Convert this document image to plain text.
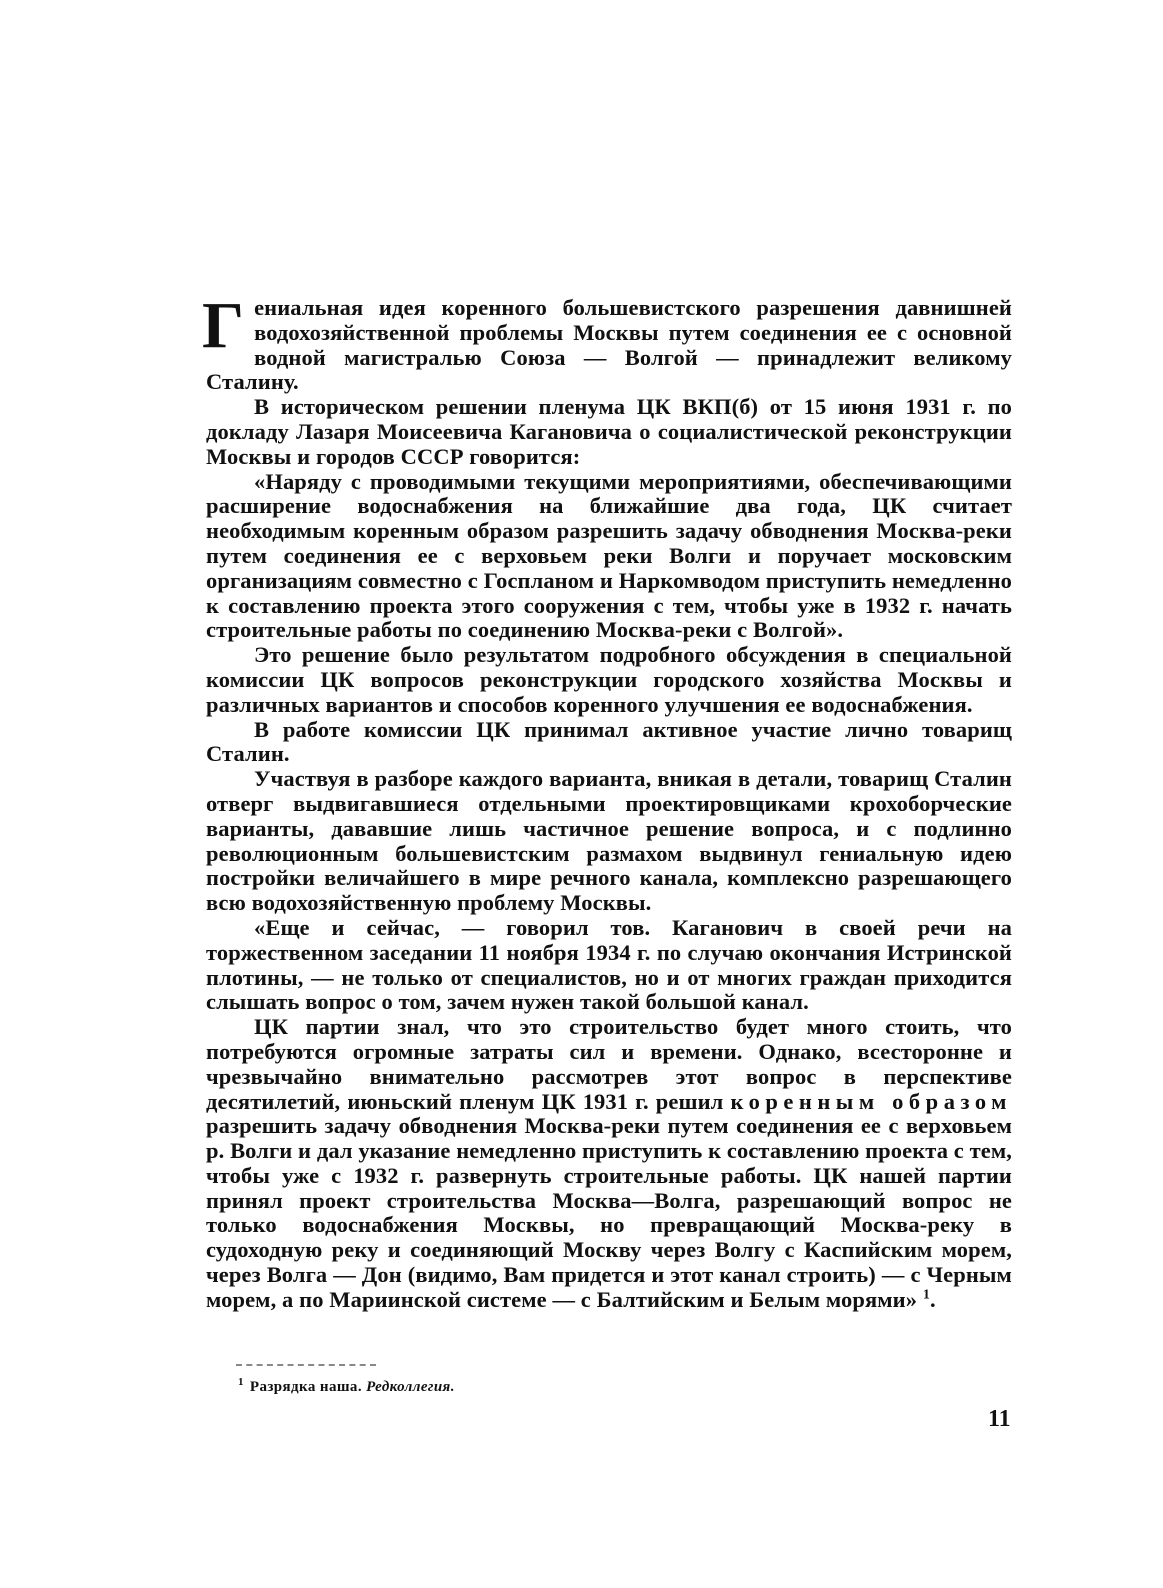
Гениальная идея коренного большевистского разрешения давнишней водохозяйственной проблемы Москвы путем соединения ее с основной водной магистралью Союза — Волгой — принадлежит великому Сталину.

В историческом решении пленума ЦК ВКП(б) от 15 июня 1931 г. по докладу Лазаря Моисеевича Кагановича о социалистической реконструкции Москвы и городов СССР говорится:

«Наряду с проводимыми текущими мероприятиями, обеспечивающими расширение водоснабжения на ближайшие два года, ЦК считает необходимым коренным образом разрешить задачу обводнения Москва-реки путем соединения ее с верховьем реки Волги и поручает московским организациям совместно с Госпланом и Наркомводом приступить немедленно к составлению проекта этого сооружения с тем, чтобы уже в 1932 г. начать строительные работы по соединению Москва-реки с Волгой».

Это решение было результатом подробного обсуждения в специальной комиссии ЦК вопросов реконструкции городского хозяйства Москвы и различных вариантов и способов коренного улучшения ее водоснабжения.

В работе комиссии ЦК принимал активное участие лично товарищ Сталин.

Участвуя в разборе каждого варианта, вникая в детали, товарищ Сталин отверг выдвигавшиеся отдельными проектировщиками крохоборческие варианты, дававшие лишь частичное решение вопроса, и с подлинно революционным большевистским размахом выдвинул гениальную идею постройки величайшего в мире речного канала, комплексно разрешающего всю водохозяйственную проблему Москвы.

«Еще и сейчас, — говорил тов. Каганович в своей речи на торжественном заседании 11 ноября 1934 г. по случаю окончания Истринской плотины, — не только от специалистов, но и от многих граждан приходится слышать вопрос о том, зачем нужен такой большой канал.

ЦК партии знал, что это строительство будет много стоить, что потребуются огромные затраты сил и времени. Однако, всесторонне и чрезвычайно внимательно рассмотрев этот вопрос в перспективе десятилетий, июньский пленум ЦК 1931 г. решил коренным образом разрешить задачу обводнения Москва-реки путем соединения ее с верховьем р. Волги и дал указание немедленно приступить к составлению проекта с тем, чтобы уже с 1932 г. развернуть строительные работы. ЦК нашей партии принял проект строительства Москва—Волга, разрешающий вопрос не только водоснабжения Москвы, но превращающий Москва-реку в судоходную реку и соединяющий Москву через Волгу с Каспийским морем, через Волга — Дон (видимо, Вам придется и этот канал строить) — с Черным морем, а по Мариинской системе — с Балтийским и Белым морями» $^1$.

$^1$ Разрядка наша. Редколлегия.
11
